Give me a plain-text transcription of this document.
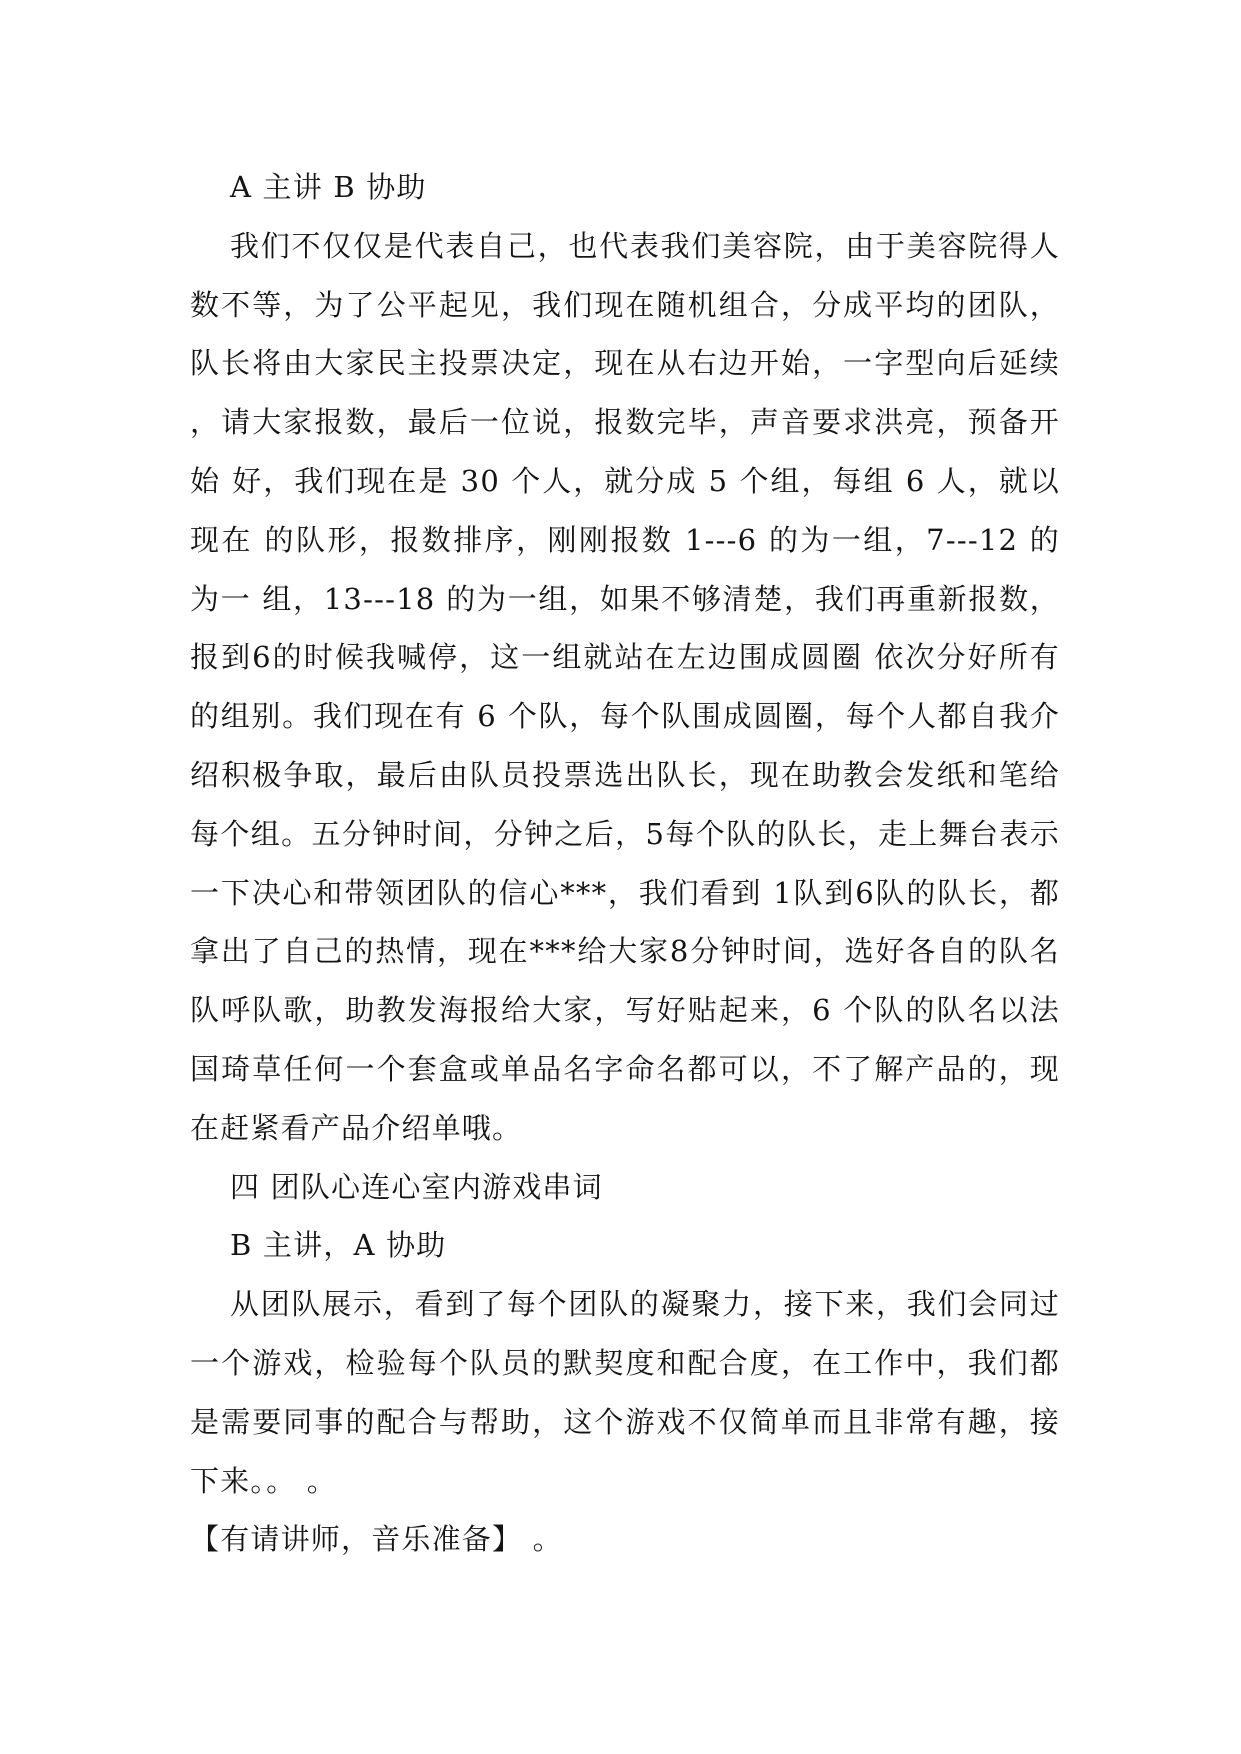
A 主讲 B 协助

我们不仅仅是代表自己，也代表我们美容院，由于美容院得人数不等，为了公平起见，我们现在随机组合，分成平均的团队，队长将由大家民主投票决定，现在从右边开始，一字型向后延续，请大家报数，最后一位说，报数完毕，声音要求洪亮，预备开始 好，我们现在是 30 个人，就分成 5 个组，每组 6 人，就以现在 的队形，报数排序，刚刚报数 1---6 的为一组，7---12 的为一 组，13---18 的为一组，如果不够清楚，我们再重新报数，报到6的时候我喊停，这一组就站在左边围成圆圈 依次分好所有的组别。我们现在有 6 个队，每个队围成圆圈，每个人都自我介绍积极争取，最后由队员投票选出队长，现在助教会发纸和笔给每个组。五分钟时间，分钟之后，5每个队的队长，走上舞台表示一下决心和带领团队的信心***，我们看到 1队到6队的队长，都拿出了自己的热情，现在***给大家8分钟时间，选好各自的队名队呼队歌，助教发海报给大家，写好贴起来，6 个队的队名以法国琦草任何一个套盒或单品名字命名都可以，不了解产品的，现在赶紧看产品介绍单哦。

四 团队心连心室内游戏串词

B 主讲，A 协助

从团队展示，看到了每个团队的凝聚力，接下来，我们会同过一个游戏，检验每个队员的默契度和配合度，在工作中，我们都是需要同事的配合与帮助，这个游戏不仅简单而且非常有趣，接下来。。 。

【有请讲师，音乐准备】 。
